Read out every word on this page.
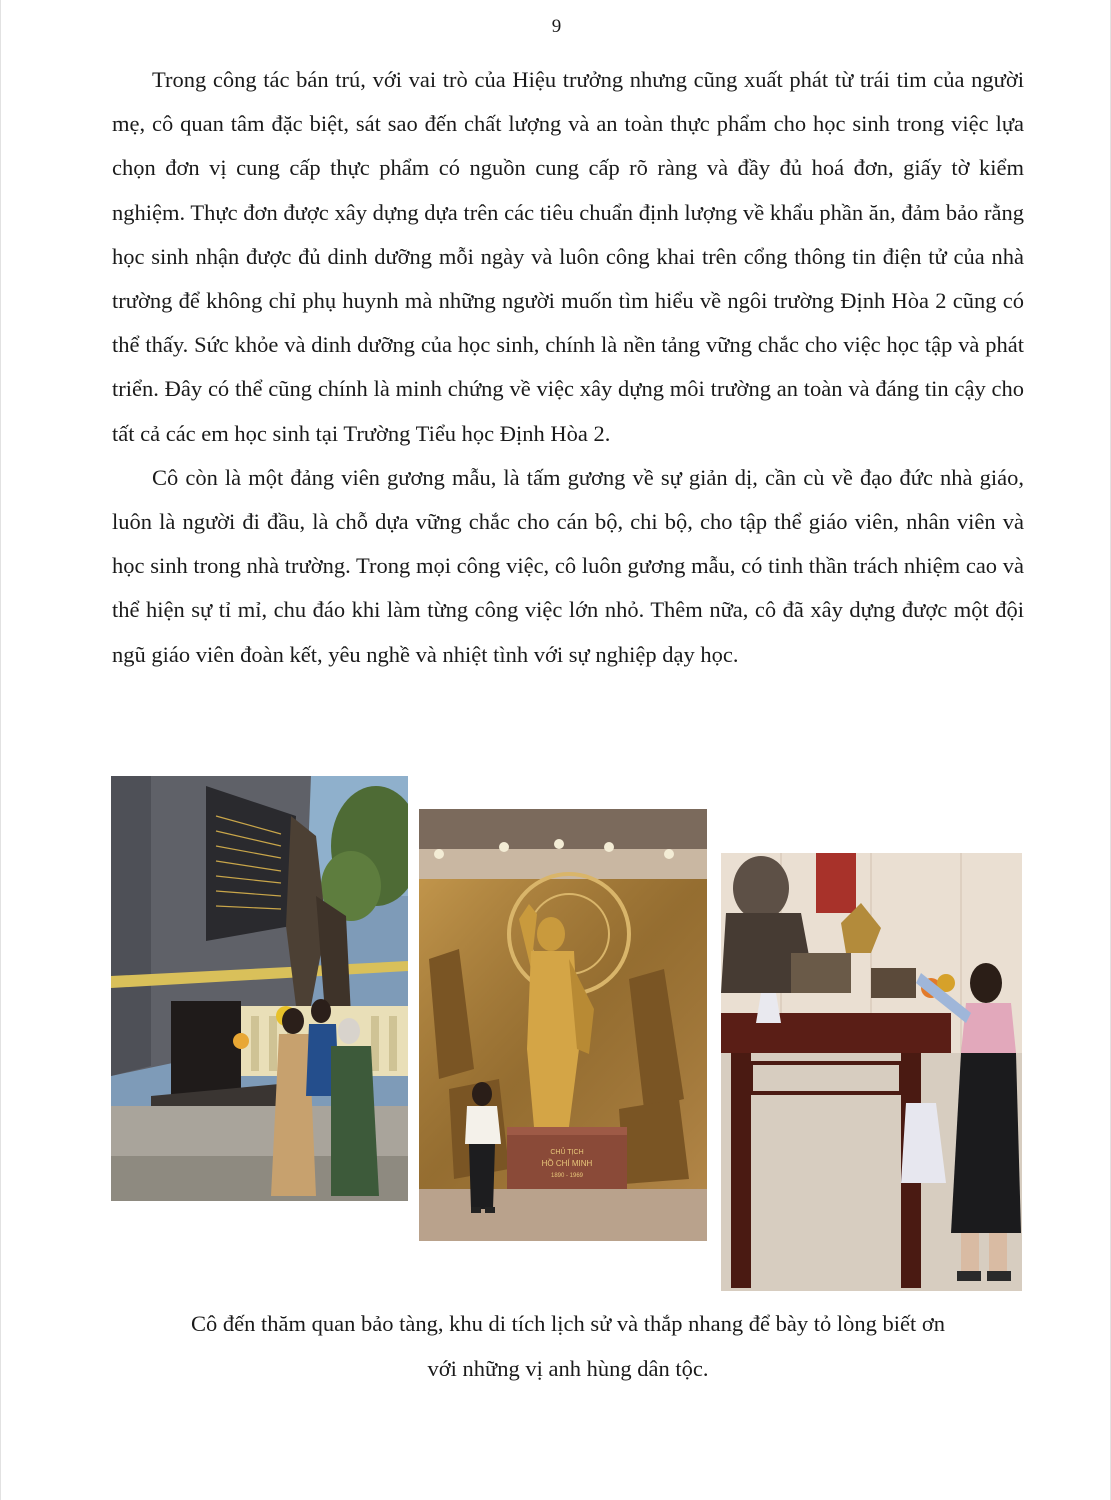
9

Trong công tác bán trú, với vai trò của Hiệu trưởng nhưng cũng xuất phát từ trái tim của người mẹ, cô quan tâm đặc biệt, sát sao đến chất lượng và an toàn thực phẩm cho học sinh trong việc lựa chọn đơn vị cung cấp thực phẩm có nguồn cung cấp rõ ràng và đầy đủ hoá đơn, giấy tờ kiểm nghiệm. Thực đơn được xây dựng dựa trên các tiêu chuẩn định lượng về khẩu phần ăn, đảm bảo rằng học sinh nhận được đủ dinh dưỡng mỗi ngày và luôn công khai trên cổng thông tin điện tử của nhà trường để không chỉ phụ huynh mà những người muốn tìm hiểu về ngôi trường Định Hòa 2 cũng có thể thấy. Sức khỏe và dinh dưỡng của học sinh, chính là nền tảng vững chắc cho việc học tập và phát triển. Đây có thể cũng chính là minh chứng về việc xây dựng môi trường an toàn và đáng tin cậy cho tất cả các em học sinh tại Trường Tiểu học Định Hòa 2.

Cô còn là một đảng viên gương mẫu, là tấm gương về sự giản dị, cần cù về đạo đức nhà giáo, luôn là người đi đầu, là chỗ dựa vững chắc cho cán bộ, chi bộ, cho tập thể giáo viên, nhân viên và học sinh trong nhà trường. Trong mọi công việc, cô luôn gương mẫu, có tinh thần trách nhiệm cao và thể hiện sự tỉ mỉ, chu đáo khi làm từng công việc lớn nhỏ. Thêm nữa, cô đã xây dựng được một đội ngũ giáo viên đoàn kết, yêu nghề và nhiệt tình với sự nghiệp dạy học.

CHỦ TỊCH
HỒ CHÍ MINH
1890 - 1969
Cô đến thăm quan bảo tàng, khu di tích lịch sử và thắp nhang để bày tỏ lòng biết ơn
với những vị anh hùng dân tộc.
